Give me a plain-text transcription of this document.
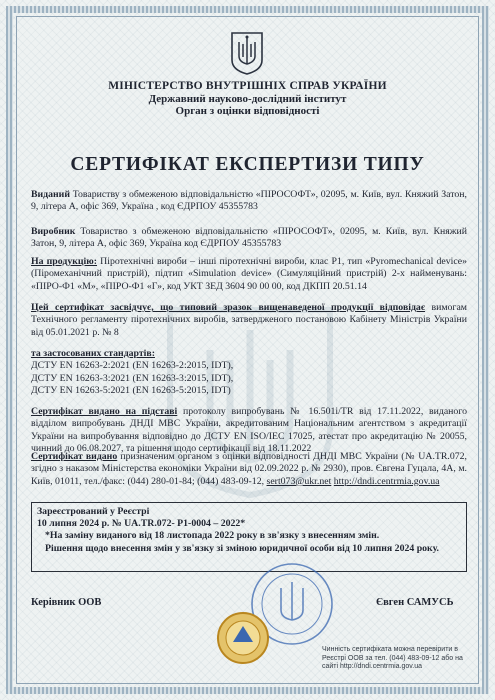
МІНІСТЕРСТВО ВНУТРІШНІХ СПРАВ УКРАЇНИ
Державний науково-дослідний інститут
Орган з оцінки відповідності
СЕРТИФІКАТ ЕКСПЕРТИЗИ ТИПУ
Виданий Товариству з обмеженою відповідальністю «ПІРОСОФТ», 02095, м. Київ, вул. Княжий Затон, 9, літера А, офіс 369, Україна , код ЄДРПОУ 45355783
Виробник Товариство з обмеженою відповідальністю «ПІРОСОФТ», 02095, м. Київ, вул. Княжий Затон, 9, літера А, офіс 369, Україна код ЄДРПОУ 45355783
На продукцію: Піротехнічні вироби – інші піротехнічні вироби, клас Р1, тип «Pyromechanical device» (Піромеханічний пристрій), підтип «Simulation device» (Симуляційний пристрій) 2-х найменувань: «ПІРО-Ф1 «М», «ПІРО-Ф1 «Г», код УКТ ЗЕД 3604 90 00 00, код ДКПП 20.51.14
Цей сертифікат засвідчує, що типовий зразок вищенаведеної продукції відповідає вимогам Технічного регламенту піротехнічних виробів, затвердженого постановою Кабінету Міністрів України від 05.01.2021 р. № 8
та застосованих стандартів:
ДСТУ EN 16263-2:2021 (EN 16263-2:2015, IDT),
ДСТУ EN 16263-3:2021 (EN 16263-3:2015, IDT),
ДСТУ EN 16263-5:2021 (EN 16263-5:2015, IDT)
Сертифікат видано на підставі протоколу випробувань № 16.501i/TR від 17.11.2022, виданого відділом випробувань ДНДІ МВС України, акредитованим Національним агентством з акредитації України на випробування відповідно до ДСТУ EN ISO/IEC 17025, атестат про акредитацію № 20055, чинний до 06.08.2027, та рішення щодо сертифікації від 18.11.2022
Сертифікат видано призначеним органом з оцінки відповідності ДНДІ МВС України (№ UA.TR.072, згідно з наказом Міністерства економіки України від 02.09.2022 р. № 2930), пров. Євгена Гуцала, 4А, м. Київ, 01011, тел./факс: (044) 280-01-84; (044) 483-09-12, sert073@ukr.net http://dndi.centrmia.gov.ua
Зареєстрований у Реєстрі
10 липня 2024 р. № UA.TR.072- P1-0004 – 2022*

*На заміну виданого від 18 листопада 2022 року в зв'язку з внесенням змін.
Рішення щодо внесення змін у зв'язку зі зміною юридичної особи від 10 липня 2024 року.
Керівник ООВ	Євген САМУСЬ
Чинність сертифіката можна перевірити в Реєстрі ООВ за тел. (044) 483-09-12 або на сайті http://dndi.centrmia.gov.ua
